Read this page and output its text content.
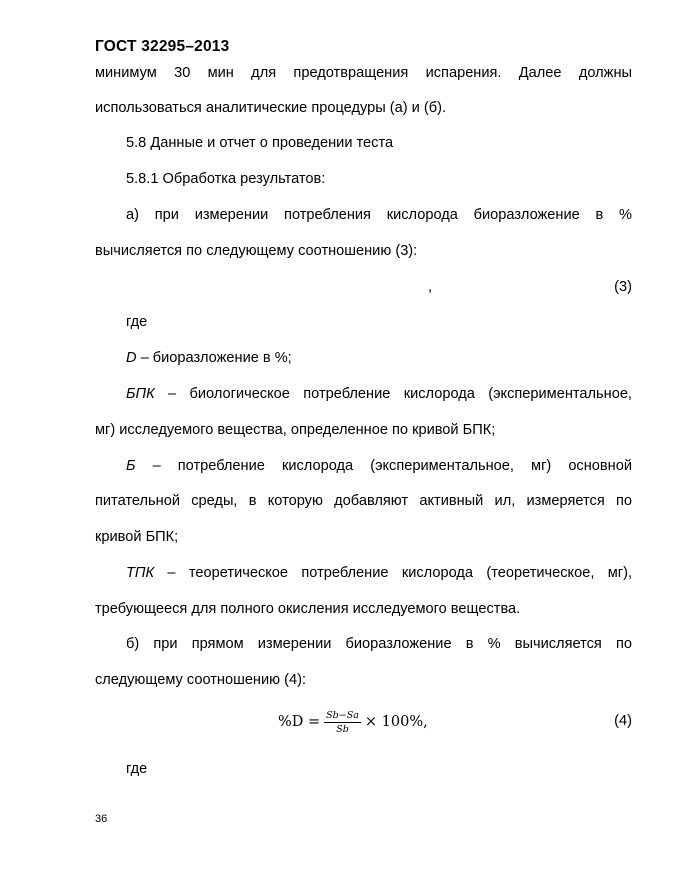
ГОСТ 32295–2013
минимум 30 мин для предотвращения испарения. Далее должны
использоваться аналитические процедуры (а) и (б).
5.8 Данные и отчет о проведении теста
5.8.1 Обработка результатов:
а) при измерении потребления кислорода биоразложение в %
вычисляется по следующему соотношению (3):
,	(3)
где
D – биоразложение в %;
БПК – биологическое потребление кислорода (экспериментальное,
мг) исследуемого вещества, определенное по кривой БПК;
Б – потребление кислорода (экспериментальное, мг) основной
питательной среды, в которую добавляют активный ил, измеряется по
кривой БПК;
ТПК – теоретическое потребление кислорода (теоретическое, мг),
требующееся для полного окисления исследуемого вещества.
б) при прямом измерении биоразложение в % вычисляется по
следующему соотношению (4):
$\%D = \frac{Sb-Sa}{Sb} \times 100\%$ ,	(4)
где
36
